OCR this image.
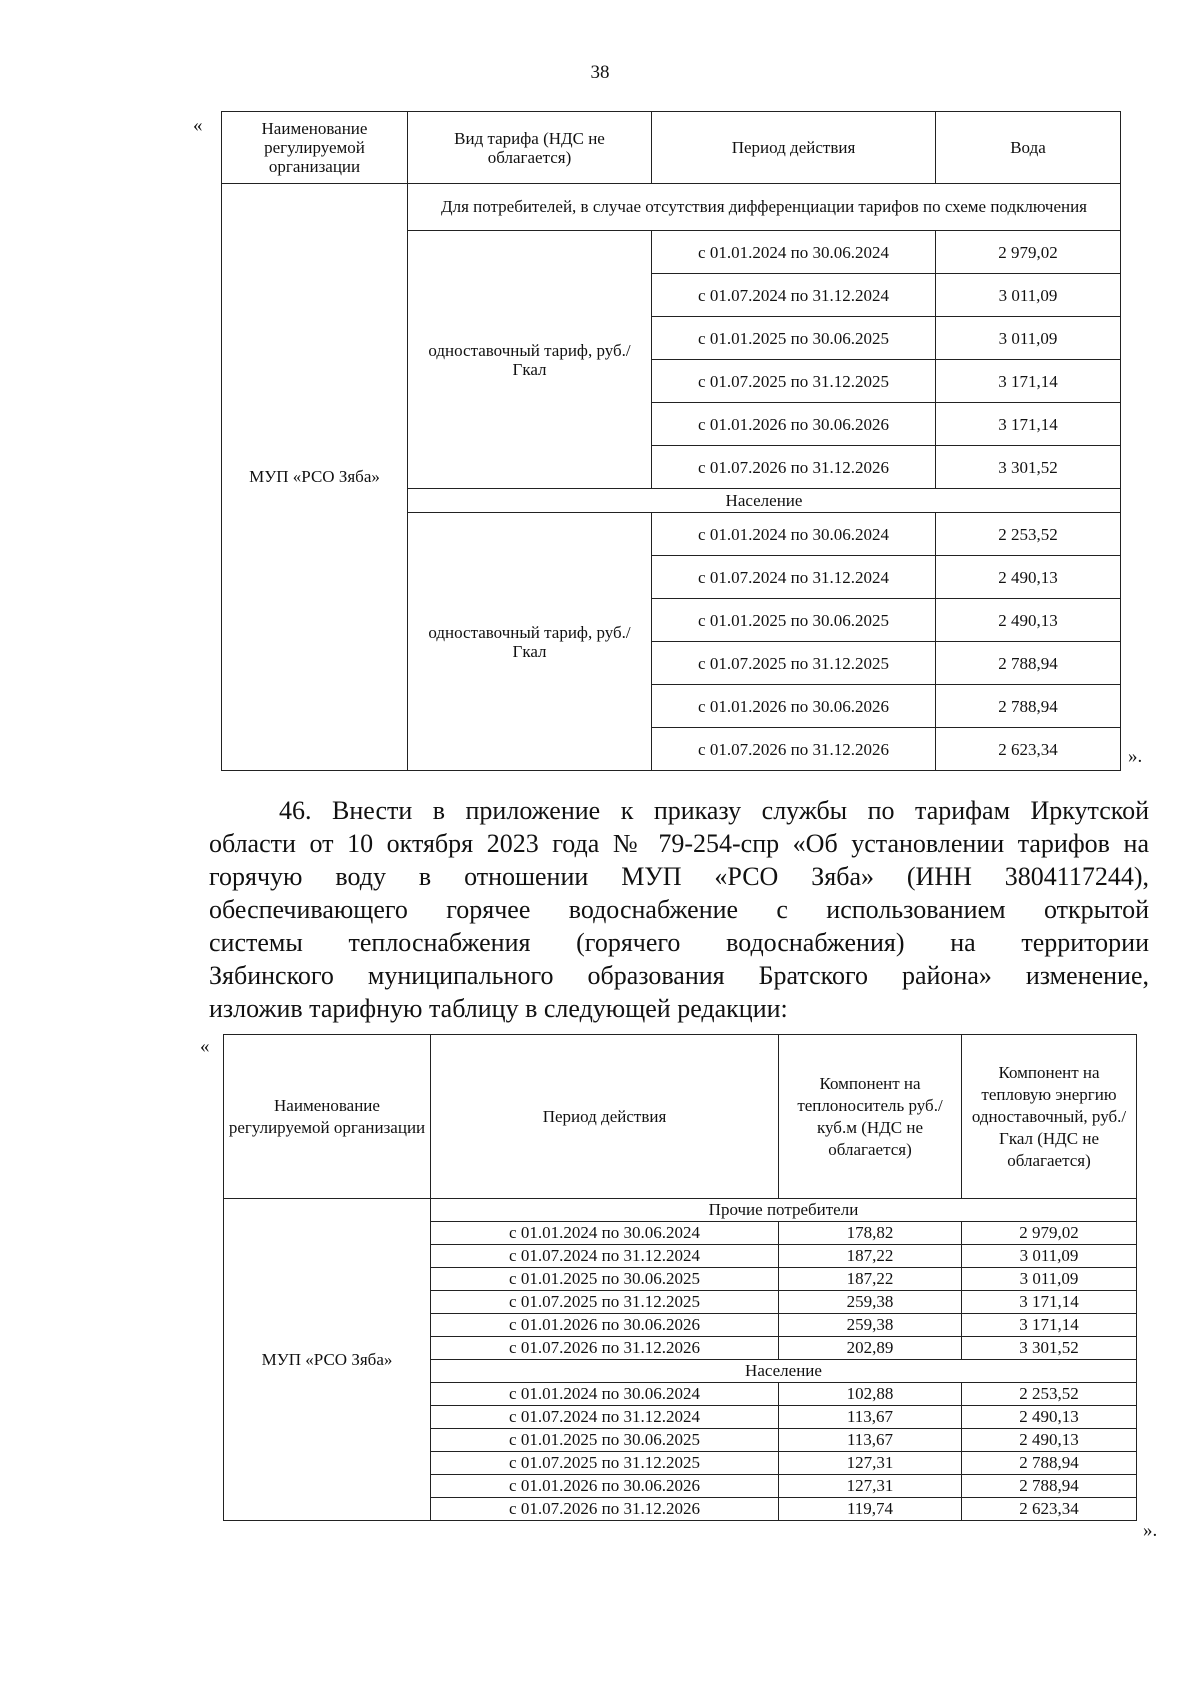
38
«	Наименование регулируемой организации	Вид тарифа (НДС не облагается)	Период действия	Вода
МУП «РСО Зяба»	Для потребителей, в случае отсутствия дифференциации тарифов по схеме подключения		
	одноставочный тариф, руб./Гкал	с 01.01.2024 по 30.06.2024	2 979,02
		с 01.07.2024 по 31.12.2024	3 011,09
		с 01.01.2025 по 30.06.2025	3 011,09
		с 01.07.2025 по 31.12.2025	3 171,14
		с 01.01.2026 по 30.06.2026	3 171,14
		с 01.07.2026 по 31.12.2026	3 301,52
	Население		
	одноставочный тариф, руб./Гкал	с 01.01.2024 по 30.06.2024	2 253,52
		с 01.07.2024 по 31.12.2024	2 490,13
		с 01.01.2025 по 30.06.2025	2 490,13
		с 01.07.2025 по 31.12.2025	2 788,94
		с 01.01.2026 по 30.06.2026	2 788,94
		с 01.07.2026 по 31.12.2026	2 623,34	».
46. Внести в приложение к приказу службы по тарифам Иркутской
области от 10 октября 2023 года № 79-254-спр «Об установлении тарифов на
горячую воду в отношении МУП «РСО Зяба» (ИНН 3804117244),
обеспечивающего горячее водоснабжение с использованием открытой
системы теплоснабжения (горячего водоснабжения) на территории
Зябинского муниципального образования Братского района» изменение,
изложив тарифную таблицу в следующей редакции:
«
Наименование регулируемой организации	Период действия	Компонент на теплоноситель руб./куб.м (НДС не облагается)	Компонент на тепловую энергию одноставочный, руб./Гкал (НДС не облагается)
МУП «РСО Зяба»	Прочие потребители		
	с 01.01.2024 по 30.06.2024	178,82	2 979,02
	с 01.07.2024 по 31.12.2024	187,22	3 011,09
	с 01.01.2025 по 30.06.2025	187,22	3 011,09
	с 01.07.2025 по 31.12.2025	259,38	3 171,14
	с 01.01.2026 по 30.06.2026	259,38	3 171,14
	с 01.07.2026 по 31.12.2026	202,89	3 301,52
	Население		
	с 01.01.2024 по 30.06.2024	102,88	2 253,52
	с 01.07.2024 по 31.12.2024	113,67	2 490,13
	с 01.01.2025 по 30.06.2025	113,67	2 490,13
	с 01.07.2025 по 31.12.2025	127,31	2 788,94
	с 01.01.2026 по 30.06.2026	127,31	2 788,94
	с 01.07.2026 по 31.12.2026	119,74	2 623,34
».
